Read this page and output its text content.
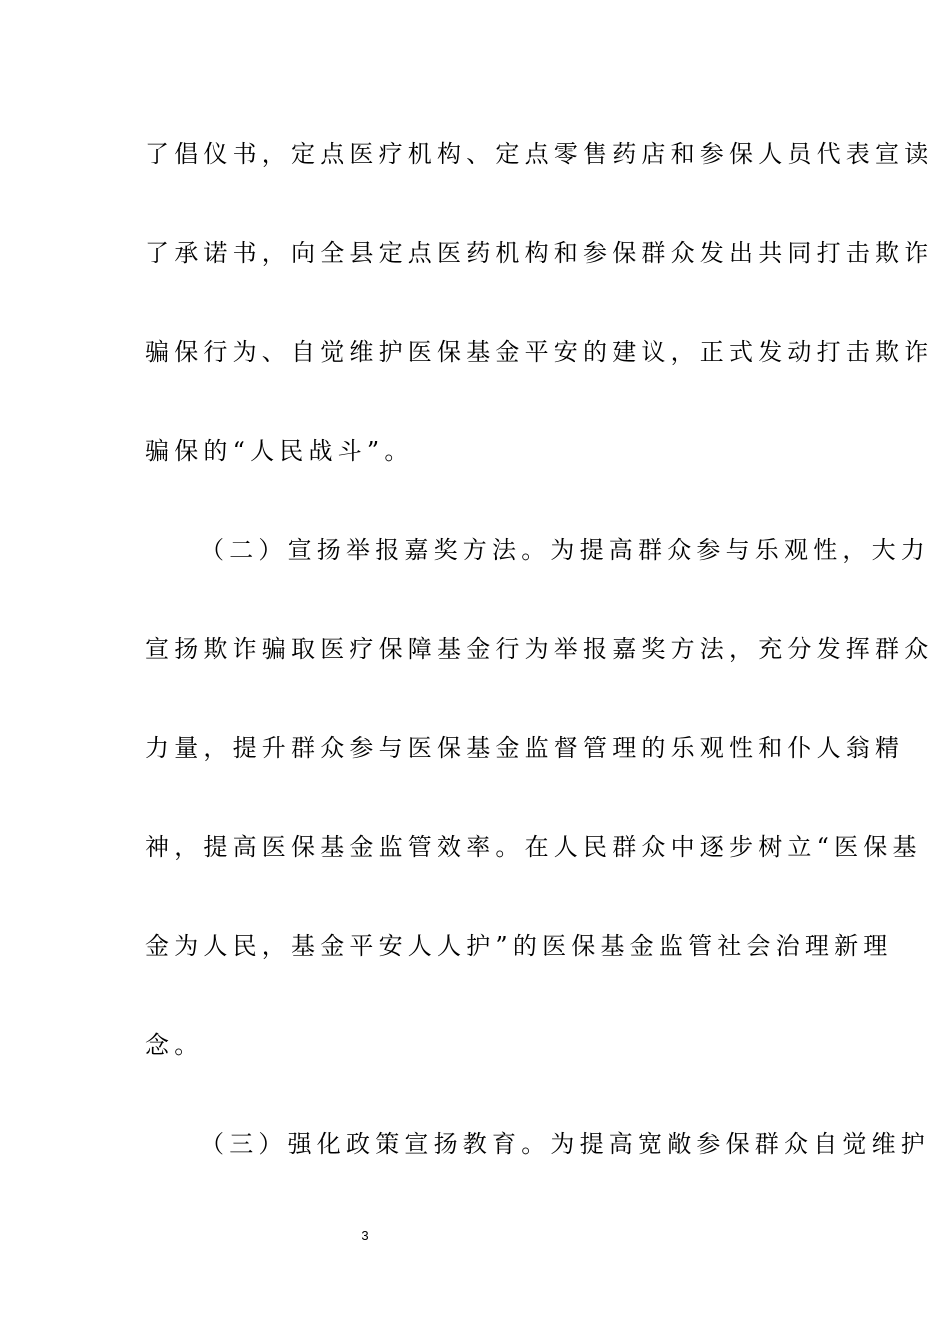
了倡仪书，定点医疗机构、定点零售药店和参保人员代表宣读
了承诺书，向全县定点医药机构和参保群众发出共同打击欺诈
骗保行为、自觉维护医保基金平安的建议，正式发动打击欺诈
骗保的“人民战斗”。
（二）宣扬举报嘉奖方法。为提高群众参与乐观性，大力
宣扬欺诈骗取医疗保障基金行为举报嘉奖方法，充分发挥群众
力量，提升群众参与医保基金监督管理的乐观性和仆人翁精
神，提高医保基金监管效率。在人民群众中逐步树立“医保基
金为人民，基金平安人人护”的医保基金监管社会治理新理
念。
（三）强化政策宣扬教育。为提高宽敞参保群众自觉维护
3
